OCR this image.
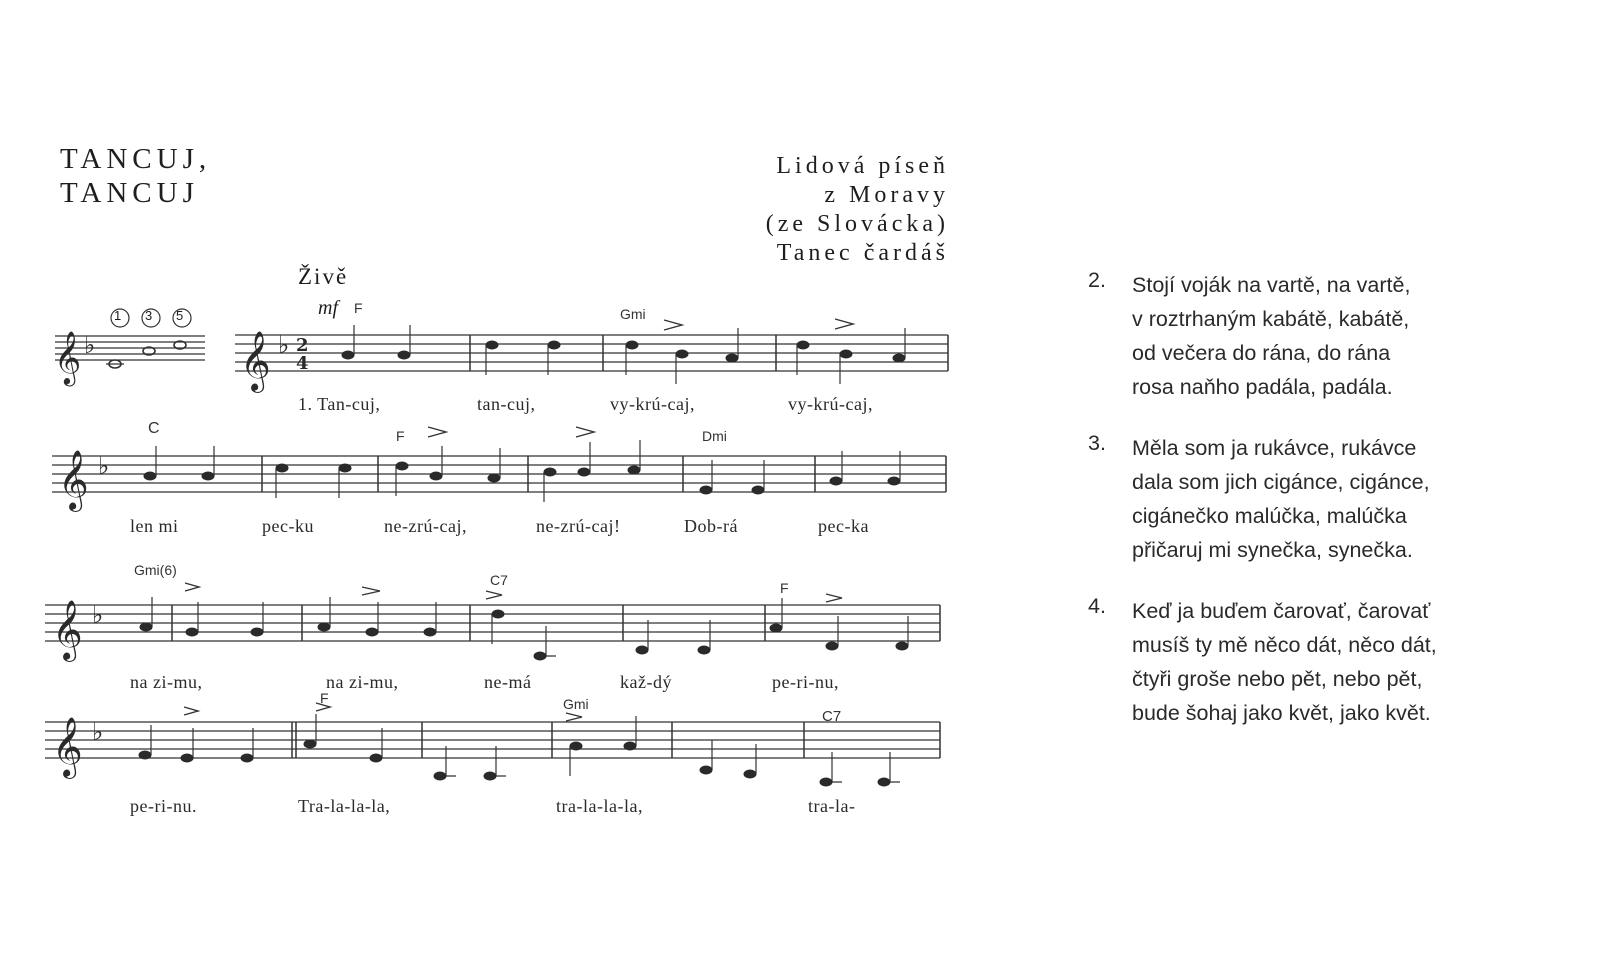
TANCUJ,
TANCUJ
Lidová píseň
z Moravy
(ze Slovácka)
Tanec čardáš
Živě
𝄞	𝄞
𝄞
𝄞
𝄞
♭	♭
♭
♭
♭
2
4
1 3 5	mf F	Gmi
C	F	Dmi
Gmi(6)
C7	F
F	Gmi
C7
1. Tan-cuj,	tan-cuj,	vy-krú-caj,	vy-krú-caj,
len mi	pec-ku	ne-zrú-caj,	ne-zrú-caj!	Dob-rá	pec-ka
na zi-mu,	na zi-mu,	ne-má	kaž-dý	pe-ri-nu,
pe-ri-nu.	Tra-la-la-la,	tra-la-la-la,	tra-la-
2.	Stojí voják na vartě, na vartě,
v roztrhaným kabátě, kabátě,
od večera do rána, do rána
rosa naňho padála, padála.
3.	Měla som ja rukávce, rukávce
dala som jich cigánce, cigánce,
cigánečko malúčka, malúčka
přičaruj mi synečka, synečka.
4.	Keď ja buďem čarovať, čarovať
musíš ty mě něco dát, něco dát,
čtyři groše nebo pět, nebo pět,
bude šohaj jako květ, jako květ.
